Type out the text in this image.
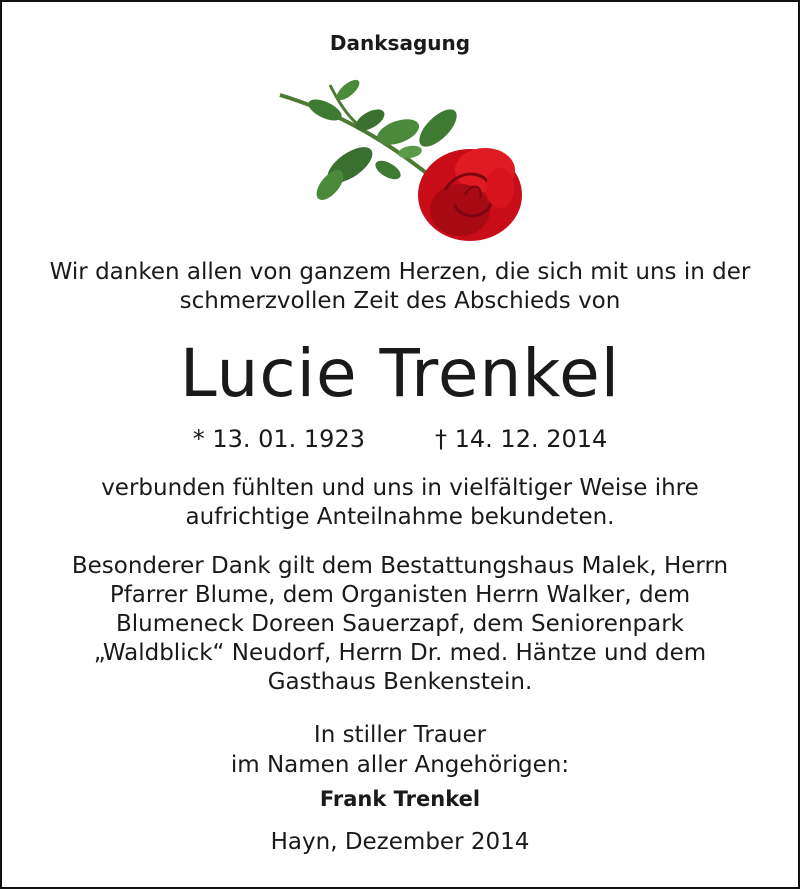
Danksagung
Wir danken allen von ganzem Herzen, die sich mit uns in der
schmerzvollen Zeit des Abschieds von
Lucie Trenkel
* 13. 01. 1923	† 14. 12. 2014
verbunden fühlten und uns in vielfältiger Weise ihre
aufrichtige Anteilnahme bekundeten.
Besonderer Dank gilt dem Bestattungshaus Malek, Herrn
Pfarrer Blume, dem Organisten Herrn Walker, dem
Blumeneck Doreen Sauerzapf, dem Seniorenpark
„Waldblick“ Neudorf, Herrn Dr. med. Häntze und dem
Gasthaus Benkenstein.
In stiller Trauer
im Namen aller Angehörigen:
Frank Trenkel
Hayn, Dezember 2014
